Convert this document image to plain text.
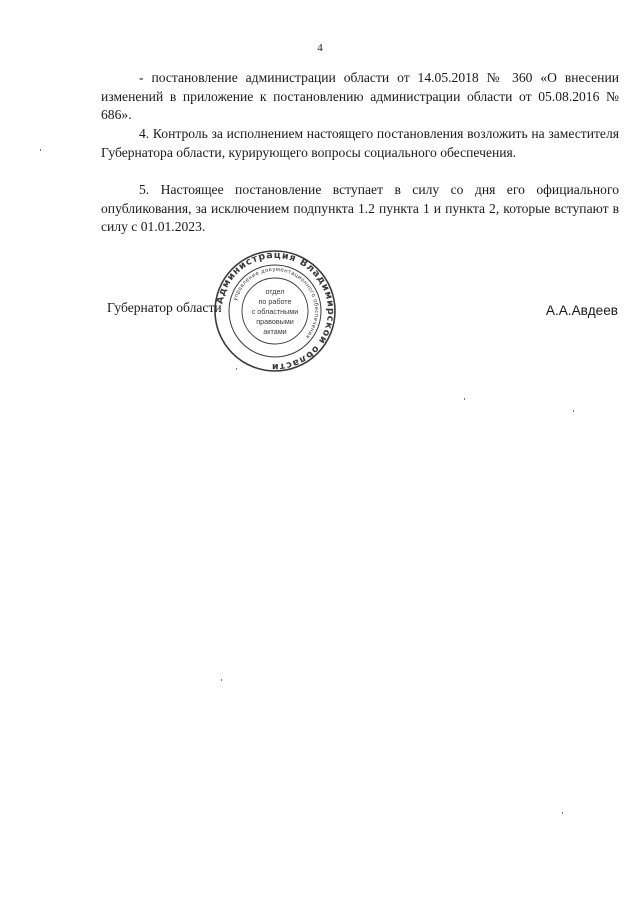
4

- постановление администрации области от 14.05.2018 № 360 «О внесении изменений в приложение к постановлению администрации области от 05.08.2016 № 686».

4. Контроль за исполнением настоящего постановления возложить на заместителя Губернатора области, курирующего вопросы социального обеспечения.

5. Настоящее постановление вступает в силу со дня его официального опубликования, за исключением подпункта 1.2 пункта 1 и пункта 2, которые вступают в силу с 01.01.2023.

Губернатор области
Администрация Владимирской области
управление документационного обеспечения
отдел
по работе
с областными
правовыми
актами
А.А.Авдеев
